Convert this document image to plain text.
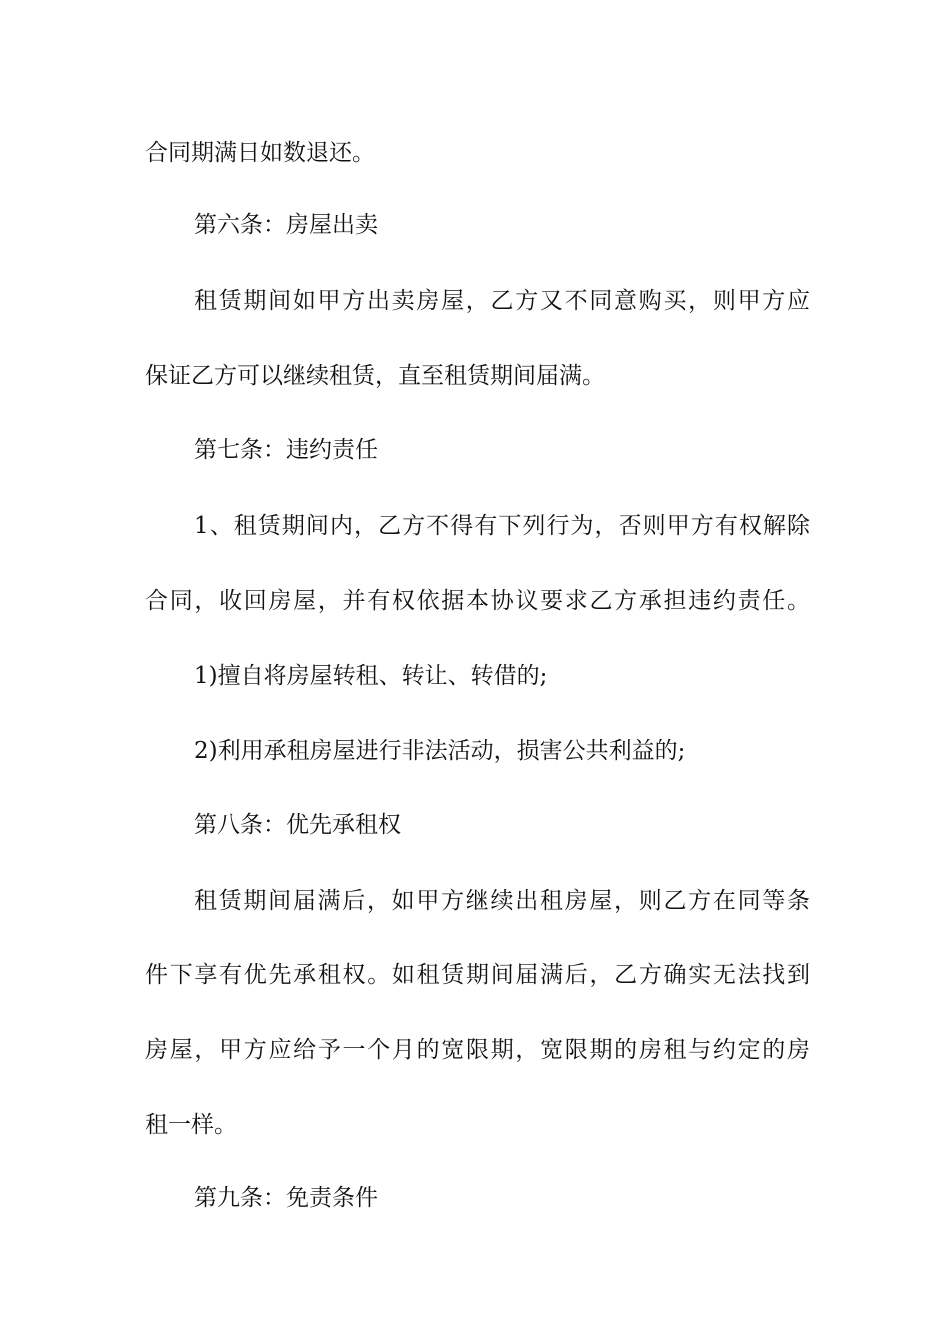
合同期满日如数退还。
第六条：房屋出卖
租赁期间如甲方出卖房屋，乙方又不同意购买，则甲方应
保证乙方可以继续租赁，直至租赁期间届满。
第七条：违约责任
1、租赁期间内，乙方不得有下列行为，否则甲方有权解除
合同，收回房屋，并有权依据本协议要求乙方承担违约责任。
1)擅自将房屋转租、转让、转借的;
2)利用承租房屋进行非法活动，损害公共利益的;
第八条：优先承租权
租赁期间届满后，如甲方继续出租房屋，则乙方在同等条
件下享有优先承租权。如租赁期间届满后，乙方确实无法找到
房屋，甲方应给予一个月的宽限期，宽限期的房租与约定的房
租一样。
第九条：免责条件
